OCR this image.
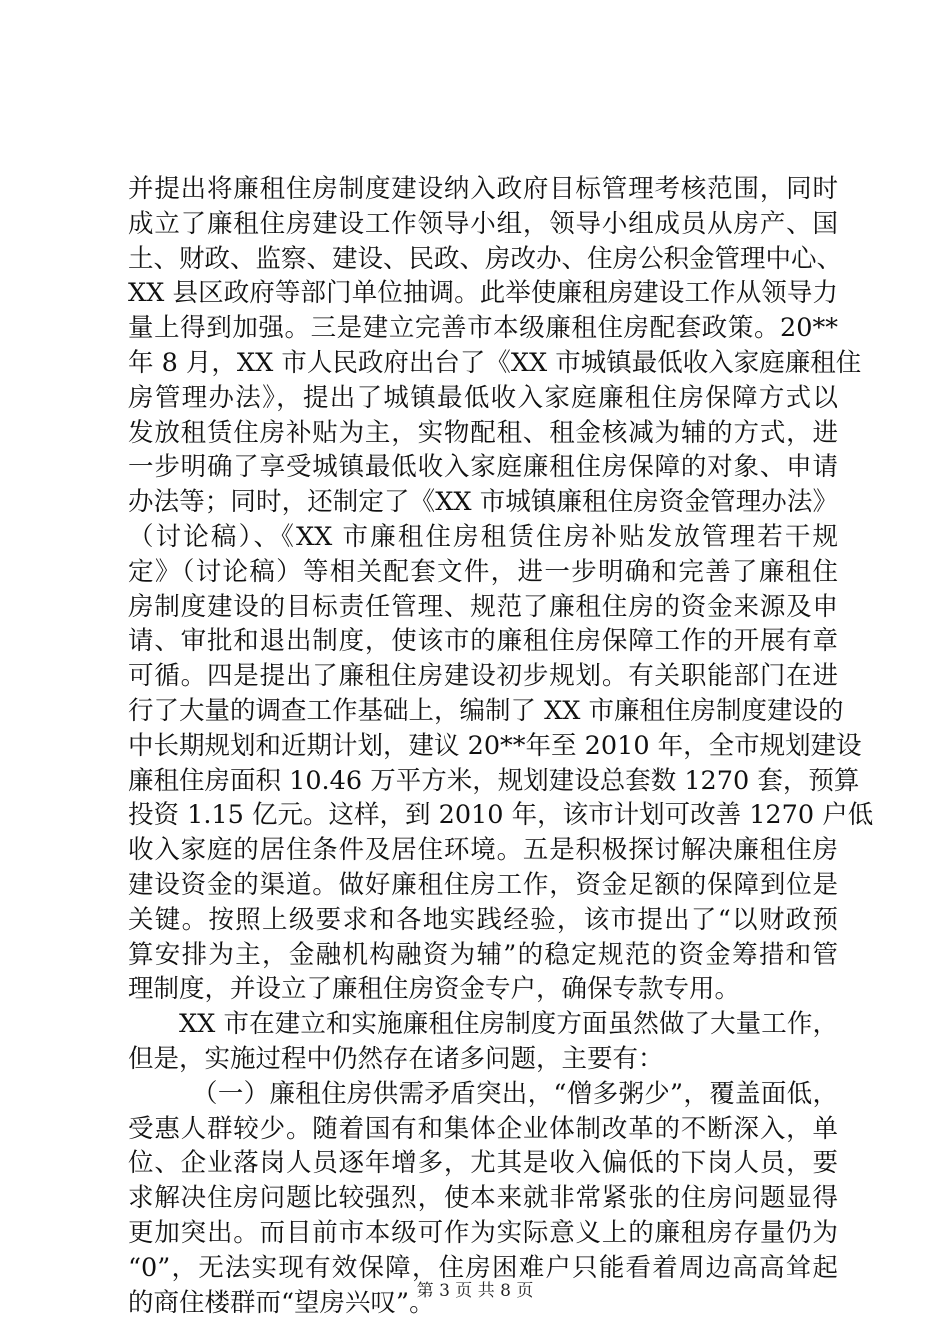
并提出将廉租住房制度建设纳入政府目标管理考核范围，同时
成立了廉租住房建设工作领导小组，领导小组成员从房产、国
土、财政、监察、建设、民政、房改办、住房公积金管理中心、
XX 县区政府等部门单位抽调。此举使廉租房建设工作从领导力
量上得到加强。三是建立完善市本级廉租住房配套政策。20**
年 8 月，XX 市人民政府出台了《XX 市城镇最低收入家庭廉租住
房管理办法》，提出了城镇最低收入家庭廉租住房保障方式以
发放租赁住房补贴为主，实物配租、租金核减为辅的方式，进
一步明确了享受城镇最低收入家庭廉租住房保障的对象、申请
办法等；同时，还制定了《XX 市城镇廉租住房资金管理办法》
（讨论稿）、《XX 市廉租住房租赁住房补贴发放管理若干规
定》（讨论稿）等相关配套文件，进一步明确和完善了廉租住
房制度建设的目标责任管理、规范了廉租住房的资金来源及申
请、审批和退出制度，使该市的廉租住房保障工作的开展有章
可循。四是提出了廉租住房建设初步规划。有关职能部门在进
行了大量的调查工作基础上，编制了 XX 市廉租住房制度建设的
中长期规划和近期计划，建议 20**年至 2010 年，全市规划建设
廉租住房面积 10.46 万平方米，规划建设总套数 1270 套，预算
投资 1.15 亿元。这样，到 2010 年，该市计划可改善 1270 户低
收入家庭的居住条件及居住环境。五是积极探讨解决廉租住房
建设资金的渠道。做好廉租住房工作，资金足额的保障到位是
关键。按照上级要求和各地实践经验，该市提出了“以财政预
算安排为主，金融机构融资为辅”的稳定规范的资金筹措和管
理制度，并设立了廉租住房资金专户，确保专款专用。
XX 市在建立和实施廉租住房制度方面虽然做了大量工作，
但是，实施过程中仍然存在诸多问题，主要有：
（一）廉租住房供需矛盾突出，“僧多粥少”，覆盖面低，
受惠人群较少。随着国有和集体企业体制改革的不断深入，单
位、企业落岗人员逐年增多，尤其是收入偏低的下岗人员，要
求解决住房问题比较强烈，使本来就非常紧张的住房问题显得
更加突出。而目前市本级可作为实际意义上的廉租房存量仍为
“0”，无法实现有效保障，住房困难户只能看着周边高高耸起
的商住楼群而“望房兴叹”。
第 3 页 共 8 页
